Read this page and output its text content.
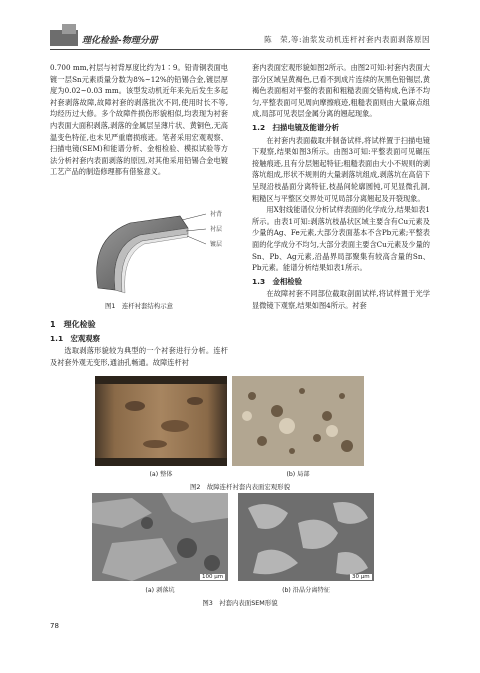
理化检验-物理分册	陈　荣,等:油浆发动机连杆衬套内表面剥落原因

0.700 mm,衬层与衬背厚度比约为1∶9。铅青铜表面电镀一层Sn元素质量分数为8%~12%的铅锡合金,镀层厚度为0.02~0.03 mm。该型发动机近年来先后发生多起衬套剥落故障,故障衬套的剥落批次不同,使用时长不等,均经历过大修。多个故障件损伤形貌相似,均表现为衬套内表面大面积剥落,剥落的金属层呈薄片状、黄铜色,无高温变色特征,也未见严重磨损痕迹。笔者采用宏观观察、扫描电镜(SEM)和能谱分析、金相检验、模拟试验等方法分析衬套内表面剥落的原因,对其他采用铅锡合金电镀工艺产品的制造修理都有借鉴意义。

衬背
衬层
镀层
图1　连杆衬套结构示意
1　理化检验
1.1　宏观观察

选取剥落形貌较为典型的一个衬套进行分析。连杆及衬套外观无变形,通油孔畅通。故障连杆衬

套内表面宏观形貌如图2所示。由图2可知:衬套内表面大部分区域呈黄褐色,已看不到成片连续的灰黑色铅锡层,黄褐色表面相对平整的表面和粗糙表面交错构成,色泽不均匀,平整表面可见周向摩擦痕迹,粗糙表面则由大量麻点组成,局部可见表层金属分离的翘起现象。

1.2　扫描电镜及能谱分析

在衬套内表面截取并制备试样,将试样置于扫描电镜下观察,结果如图3所示。由图3可知:平整表面可见碾压接触痕迹,且有分层翘起特征;粗糙表面由大小不规则的剥落坑组成,形状不规则的大量剥落坑组成,剥落坑在高倍下呈现沿枝晶面分离特征,枝晶间轮廓圆钝,可见显微孔洞,粗糙区与平整区交界处可见局部分离翘起及开裂现象。

用X射线能谱仪分析试样表面的化学成分,结果如表1所示。由表1可知:剥落坑枝晶状区域主要含有Cu元素及少量的Ag、Fe元素,大部分表面基本不含Pb元素;平整表面的化学成分不均匀,大部分表面主要含Cu元素及少量的Sn、Pb、Ag元素,沿晶界局部聚集有较高含量的Sn、Pb元素。能谱分析结果如表1所示。

1.3　金相检验

在故障衬套不同部位截取剖面试样,将试样置于光学显微镜下观察,结果如图4所示。衬套

(a) 整体	(b) 局部
图2　故障连杆衬套内表面宏观形貌
100 μm	30 μm
(a) 剥落坑	(b) 沿晶分离特征
图3　衬套内表面SEM形貌
78
